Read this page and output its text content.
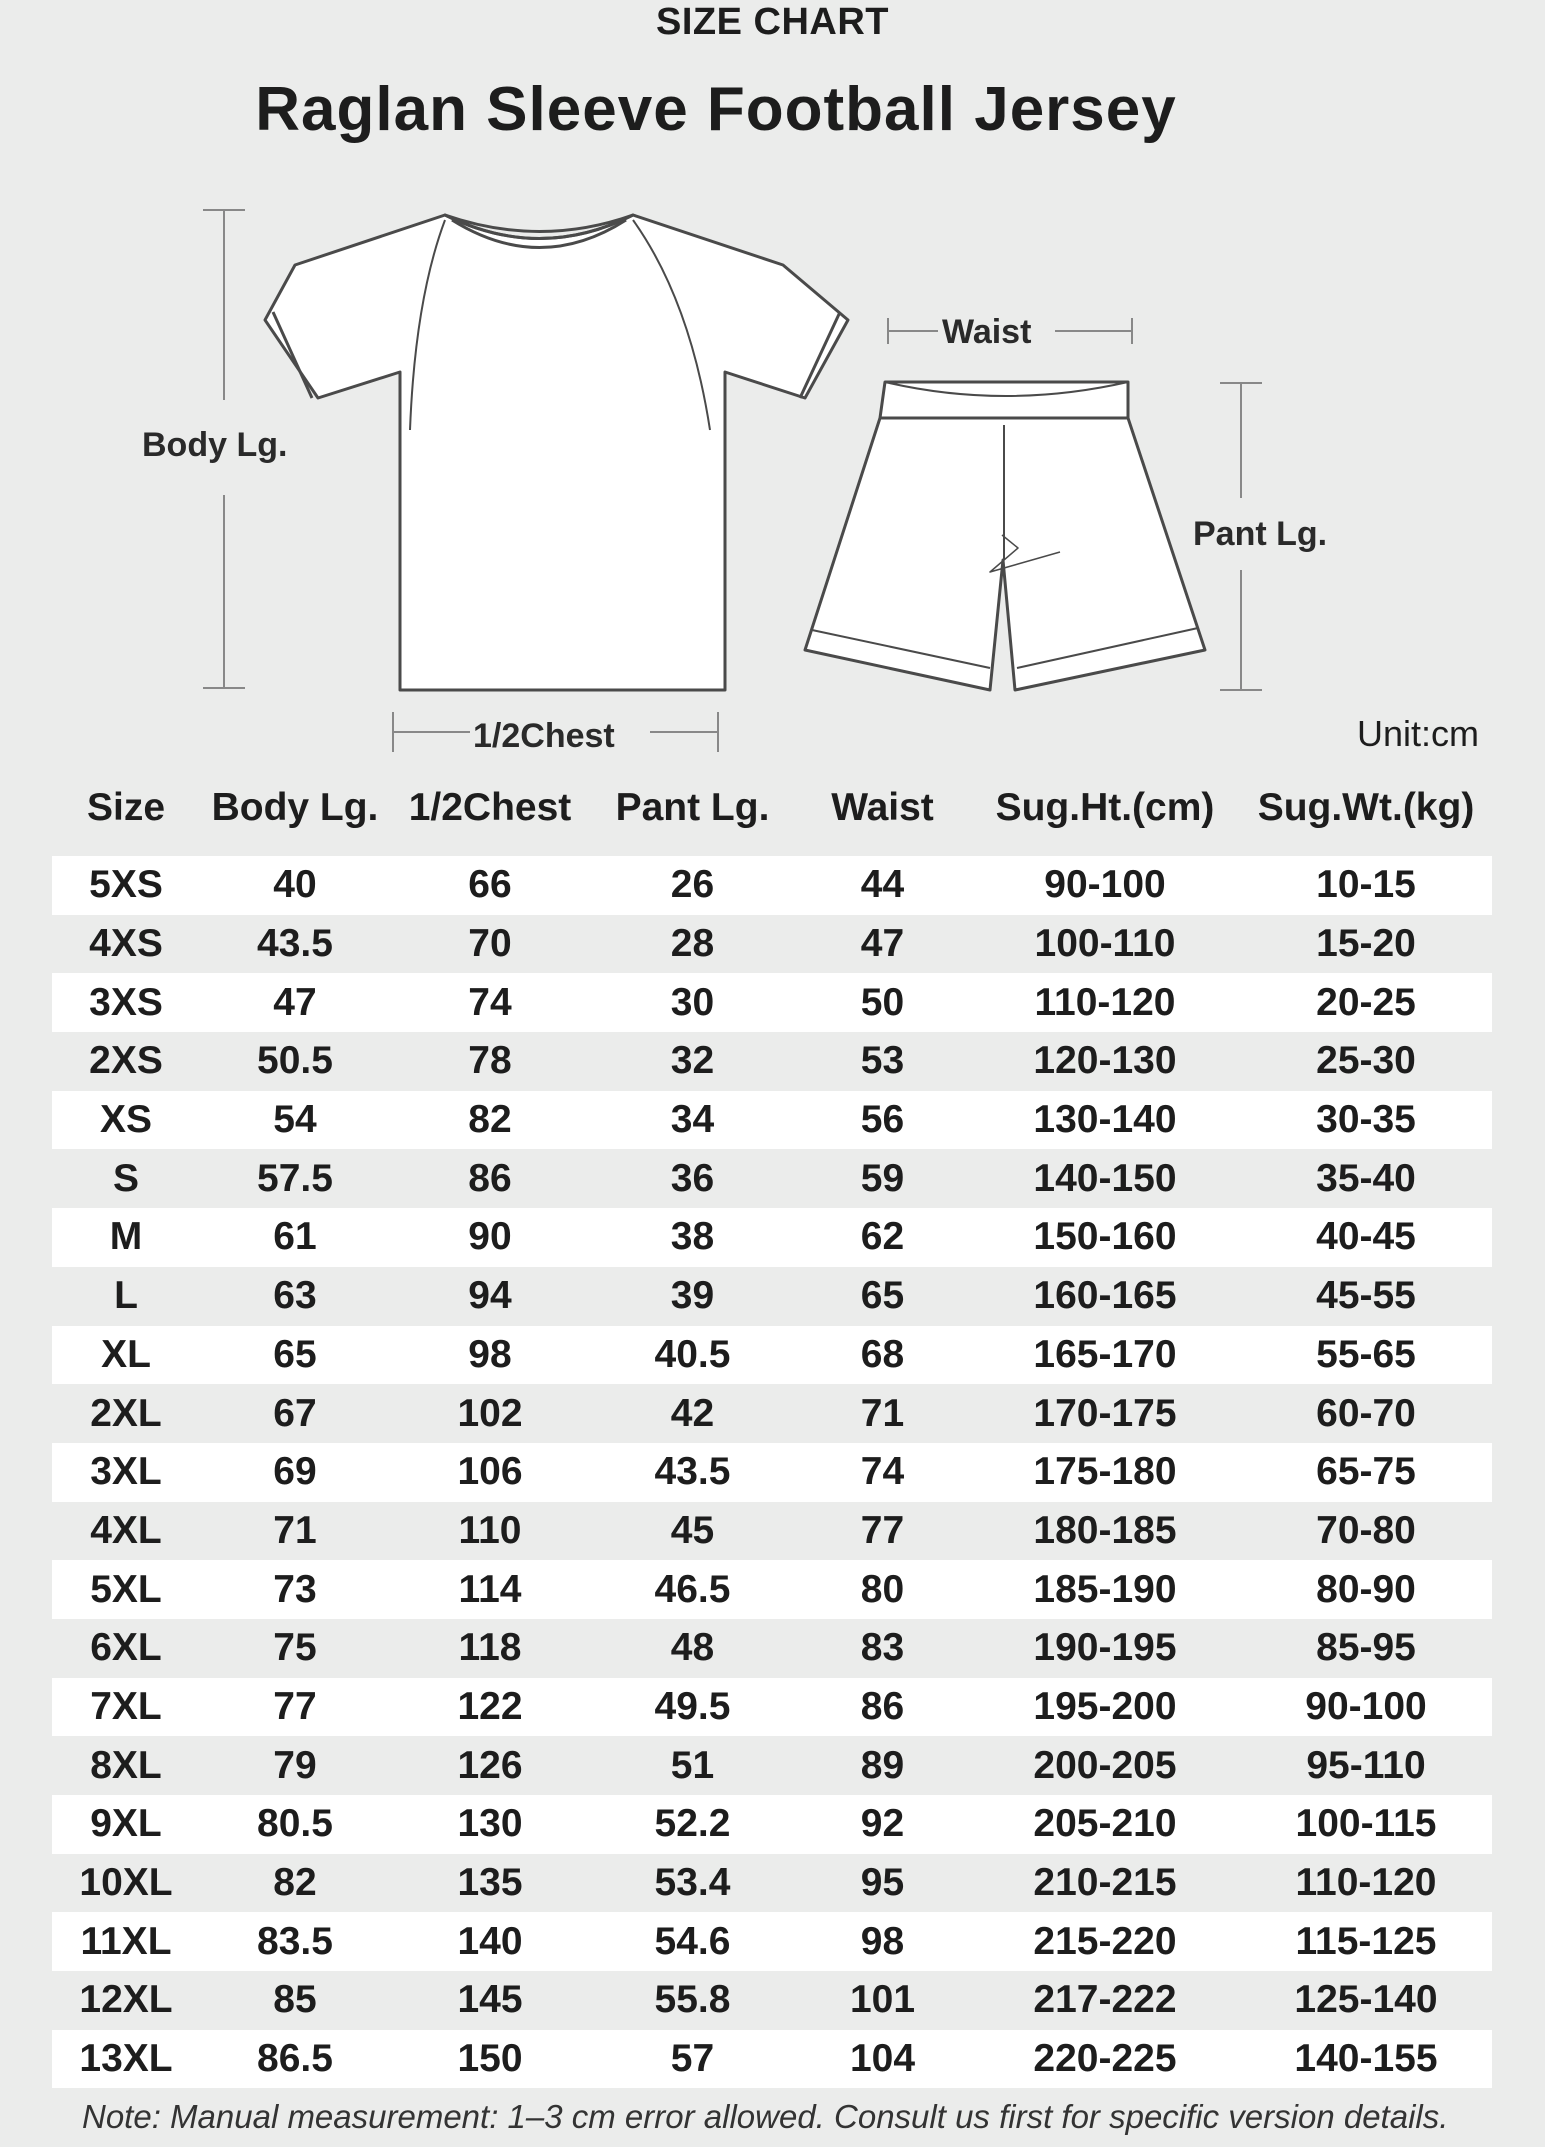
SIZE CHART
Raglan Sleeve Football Jersey
Body Lg.
1/2Chest
Waist
Pant Lg.
Unit:cm
Size	Body Lg.	1/2Chest	Pant Lg.	Waist	Sug.Ht.(cm)	Sug.Wt.(kg)
5XS	40	66	26	44	90-100	10-15
4XS	43.5	70	28	47	100-110	15-20
3XS	47	74	30	50	110-120	20-25
2XS	50.5	78	32	53	120-130	25-30
XS	54	82	34	56	130-140	30-35
S	57.5	86	36	59	140-150	35-40
M	61	90	38	62	150-160	40-45
L	63	94	39	65	160-165	45-55
XL	65	98	40.5	68	165-170	55-65
2XL	67	102	42	71	170-175	60-70
3XL	69	106	43.5	74	175-180	65-75
4XL	71	110	45	77	180-185	70-80
5XL	73	114	46.5	80	185-190	80-90
6XL	75	118	48	83	190-195	85-95
7XL	77	122	49.5	86	195-200	90-100
8XL	79	126	51	89	200-205	95-110
9XL	80.5	130	52.2	92	205-210	100-115
10XL	82	135	53.4	95	210-215	110-120
11XL	83.5	140	54.6	98	215-220	115-125
12XL	85	145	55.8	101	217-222	125-140
13XL	86.5	150	57	104	220-225	140-155
Note: Manual measurement: 1–3 cm error allowed. Consult us first for specific version details.
